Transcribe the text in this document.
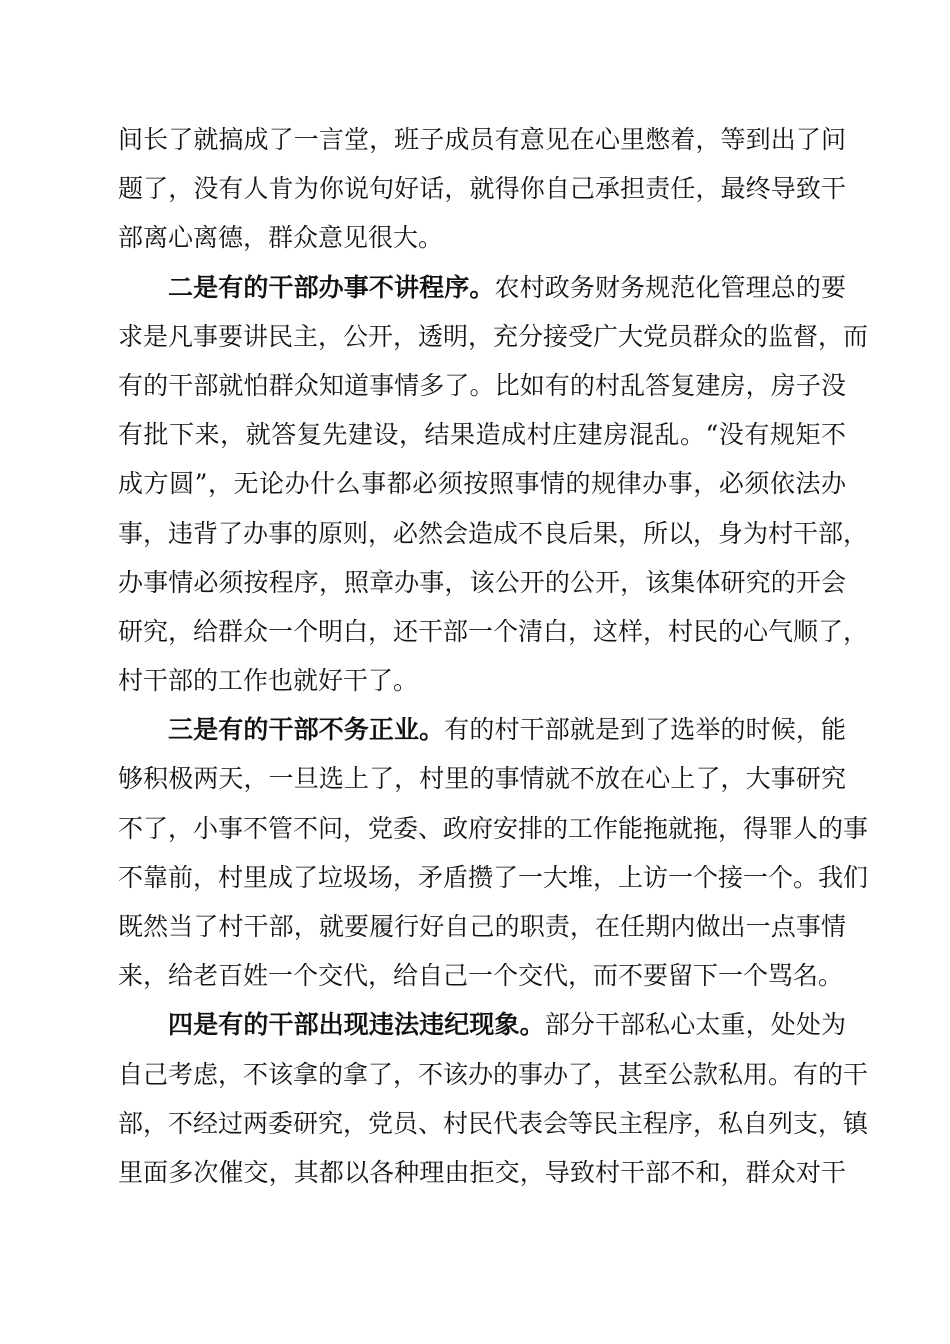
间长了就搞成了一言堂，班子成员有意见在心里憋着，等到出了问
题了，没有人肯为你说句好话，就得你自己承担责任，最终导致干
部离心离德，群众意见很大。
二是有的干部办事不讲程序。农村政务财务规范化管理总的要
求是凡事要讲民主，公开，透明，充分接受广大党员群众的监督，而
有的干部就怕群众知道事情多了。比如有的村乱答复建房，房子没
有批下来，就答复先建设，结果造成村庄建房混乱。“没有规矩不
成方圆”，无论办什么事都必须按照事情的规律办事，必须依法办
事，违背了办事的原则，必然会造成不良后果，所以，身为村干部，
办事情必须按程序，照章办事，该公开的公开，该集体研究的开会
研究，给群众一个明白，还干部一个清白，这样，村民的心气顺了，
村干部的工作也就好干了。
三是有的干部不务正业。有的村干部就是到了选举的时候，能
够积极两天，一旦选上了，村里的事情就不放在心上了，大事研究
不了，小事不管不问，党委、政府安排的工作能拖就拖，得罪人的事
不靠前，村里成了垃圾场，矛盾攒了一大堆，上访一个接一个。我们
既然当了村干部，就要履行好自己的职责，在任期内做出一点事情
来，给老百姓一个交代，给自己一个交代，而不要留下一个骂名。
四是有的干部出现违法违纪现象。部分干部私心太重，处处为
自己考虑，不该拿的拿了，不该办的事办了，甚至公款私用。有的干
部，不经过两委研究，党员、村民代表会等民主程序，私自列支，镇
里面多次催交，其都以各种理由拒交，导致村干部不和，群众对干
